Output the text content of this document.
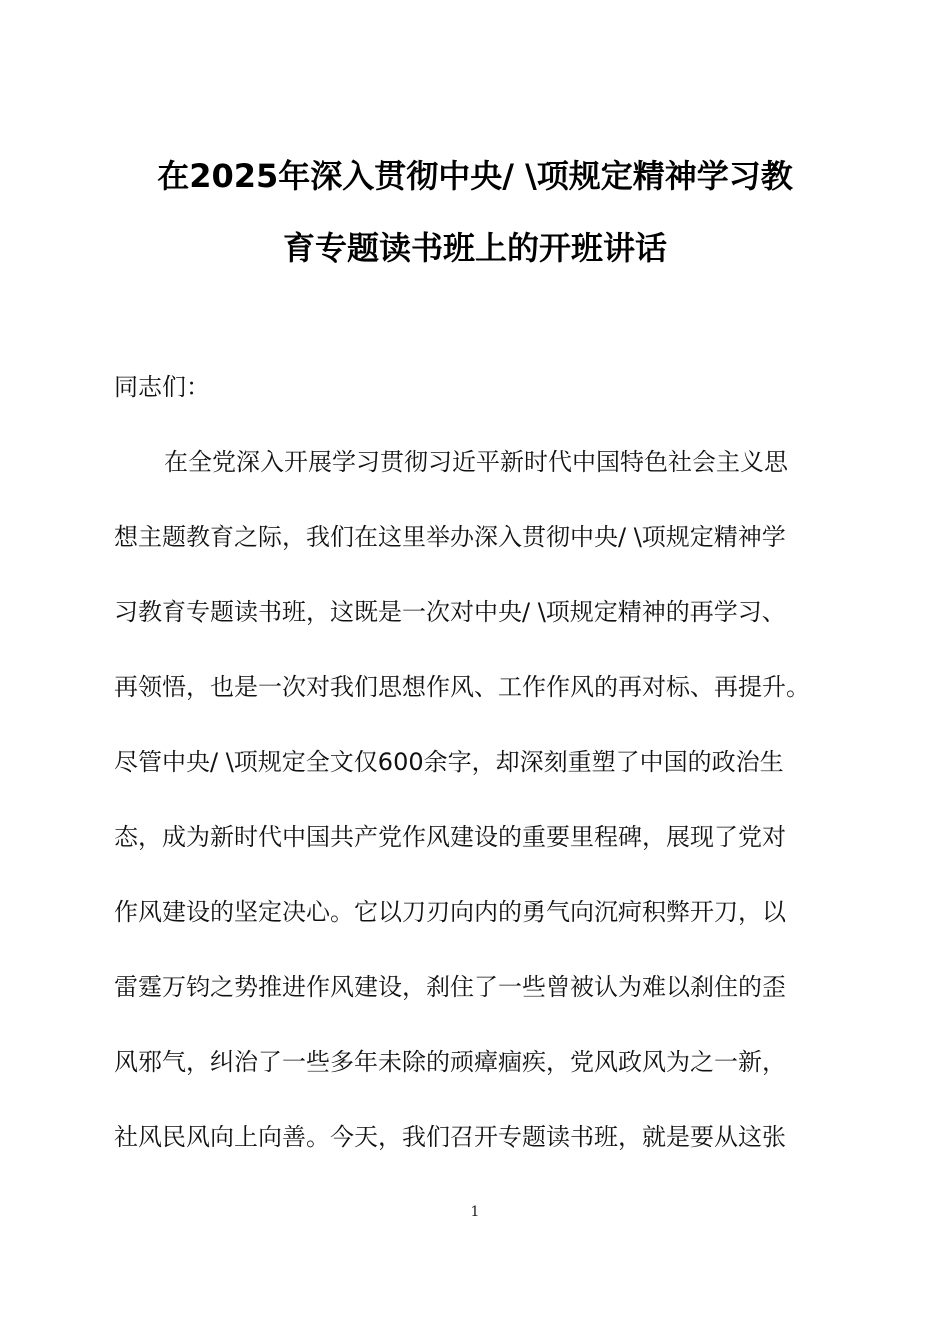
在2025年深入贯彻中央/ \项规定精神学习教
育专题读书班上的开班讲话
同志们：
在全党深入开展学习贯彻习近平新时代中国特色社会主义思
想主题教育之际，我们在这里举办深入贯彻中央/ \项规定精神学
习教育专题读书班，这既是一次对中央/ \项规定精神的再学习、
再领悟，也是一次对我们思想作风、工作作风的再对标、再提升。
尽管中央/ \项规定全文仅600余字，却深刻重塑了中国的政治生
态，成为新时代中国共产党作风建设的重要里程碑，展现了党对
作风建设的坚定决心。它以刀刃向内的勇气向沉疴积弊开刀，以
雷霆万钧之势推进作风建设，刹住了一些曾被认为难以刹住的歪
风邪气，纠治了一些多年未除的顽瘴痼疾，党风政风为之一新，
社风民风向上向善。今天，我们召开专题读书班，就是要从这张
1
